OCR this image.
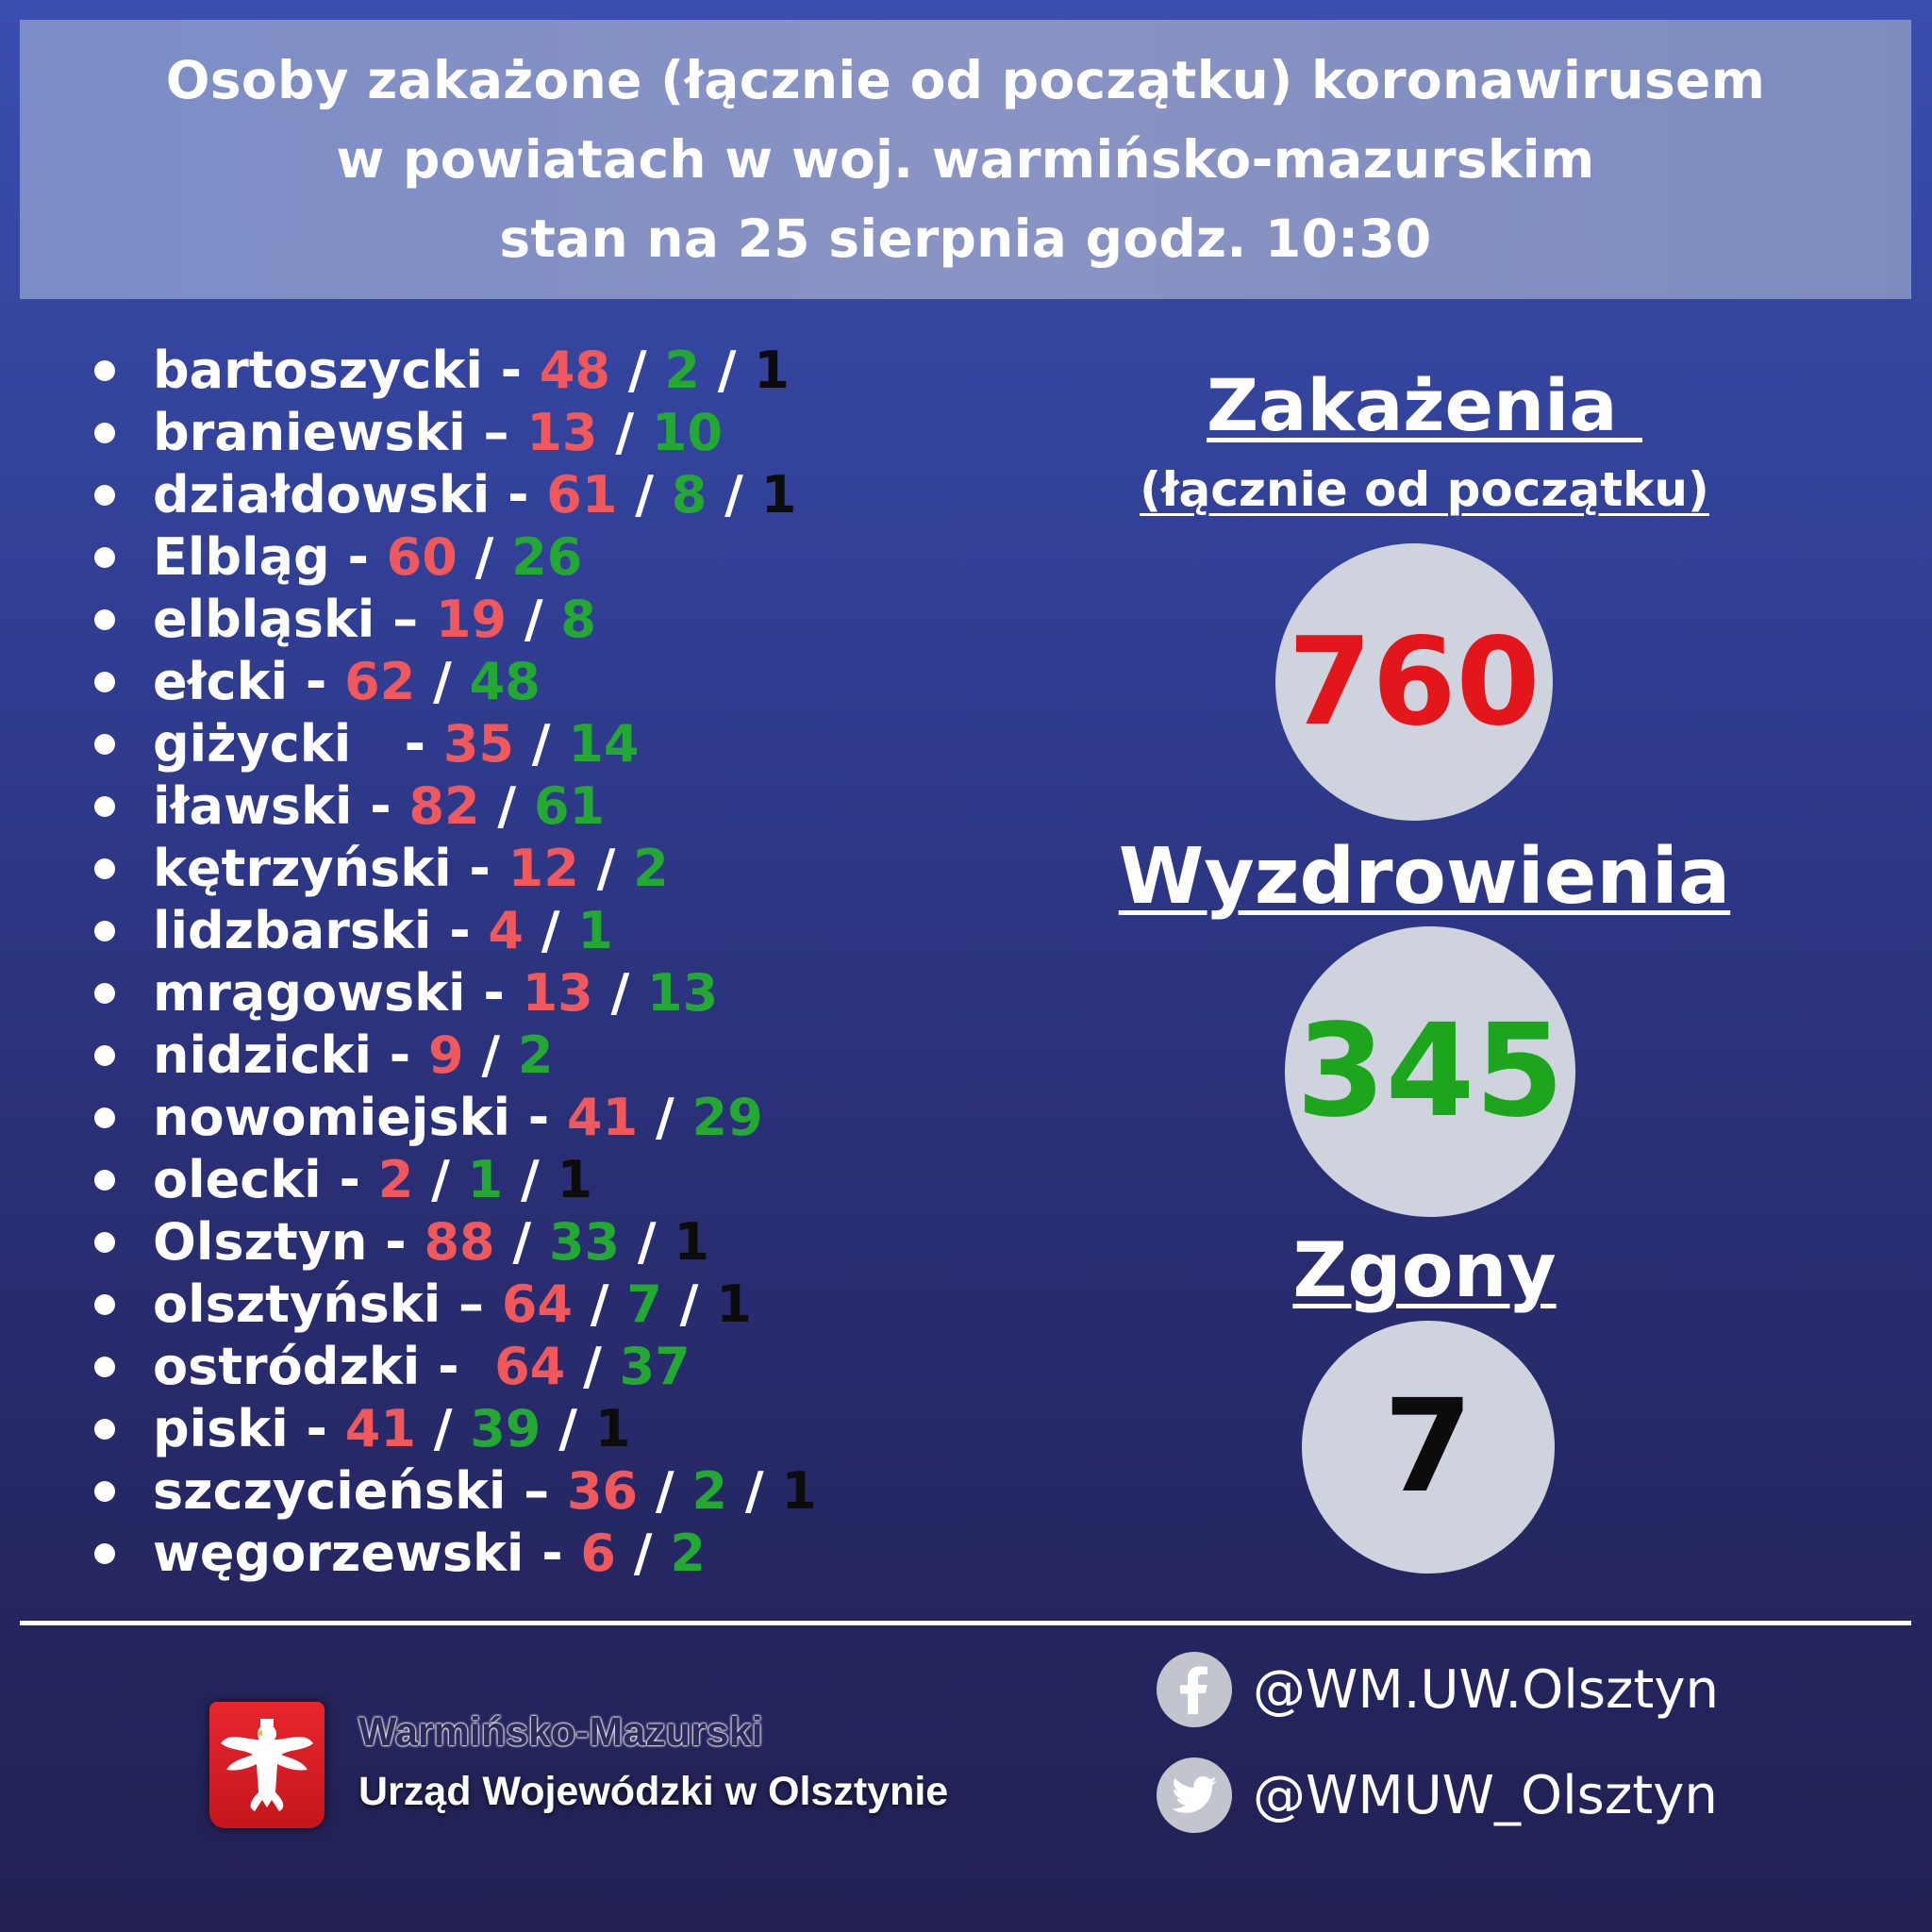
Osoby zakażone (łącznie od początku) koronawirusem
w powiatach w woj. warmińsko-mazurskim
stan na 25 sierpnia godz. 10:30
bartoszycki - 48 / 2 / 1
braniewski – 13 / 10
działdowski - 61 / 8 / 1
Elbląg - 60 / 26
elbląski – 19 / 8
ełcki - 62 / 48
giżycki   - 35 / 14
iławski - 82 / 61
kętrzyński - 12 / 2
lidzbarski - 4 / 1
mrągowski - 13 / 13
nidzicki - 9 / 2
nowomiejski - 41 / 29
olecki - 2 / 1 / 1
Olsztyn - 88 / 33 / 1
olsztyński – 64 / 7 / 1
ostródzki - 64 / 37
piski - 41 / 39 / 1
szczycieński – 36 / 2 / 1
węgorzewski - 6 / 2
Zakażenia
(łącznie od początku)
760
Wyzdrowienia
345
Zgony
7
Warmińsko-Mazurski
Urząd Wojewódzki w Olsztynie
@WM.UW.Olsztyn
@WMUW_Olsztyn
